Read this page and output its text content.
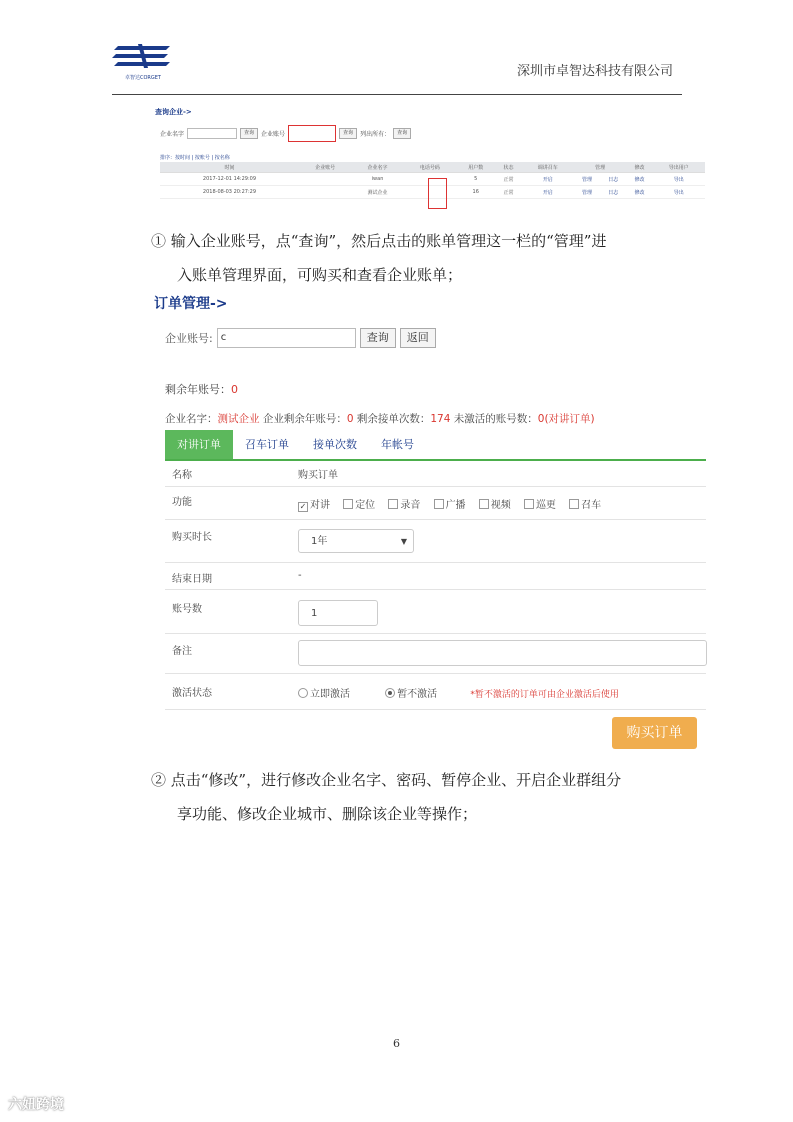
卓智达CORGET	深圳市卓智达科技有限公司
查询企业->
企业名字	查询	企业账号	查询	列出所有：	查询
排序：按时间 | 按账号 | 按名称
时间	企业账号	企业名字	电话号码	用户数	状态	调讲召车	管理		修改	导出用户
2017-12-01 14:29:09		iwan		5	正常	开启	管理	日志	修改	导出
2018-08-03 20:27:29		测试企业		16	正常	开启	管理	日志	修改	导出
① 输入企业账号，点“查询”，然后点击的账单管理这一栏的“管理”进
入账单管理界面，可购买和查看企业账单；
订单管理->
企业账号: c	查询	返回
剩余年账号：0
企业名字：测试企业 企业剩余年账号：0 剩余接单次数：174 未激活的账号数：0(对讲订单)
对讲订单	召车订单	接单次数	年帐号
名称	购买订单
功能	✓ 对讲	定位	录音	广播	视频	巡更	召车
购买时长	1年	▼
结束日期	-
账号数	1
备注
激活状态	立即激活	暂不激活	*暂不激活的订单可由企业激活后使用
购买订单
② 点击“修改”，进行修改企业名字、密码、暂停企业、开启企业群组分
享功能、修改企业城市、删除该企业等操作；
6
六妞跨境
